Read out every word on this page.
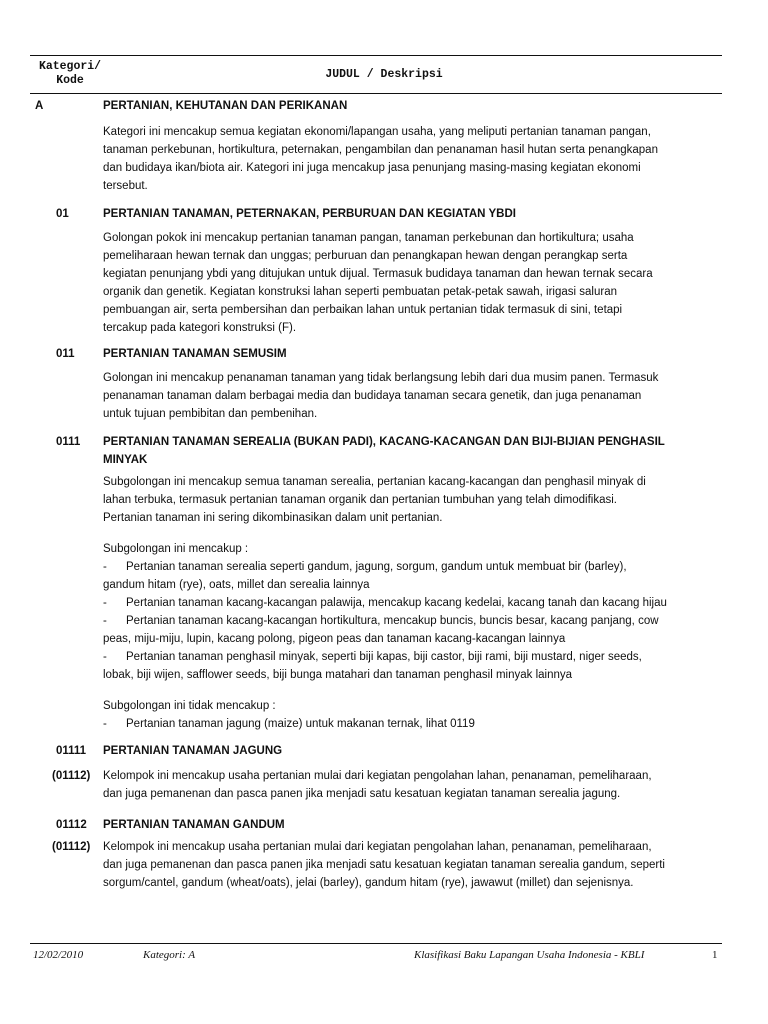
Kategori/
Kode	JUDUL / Deskripsi
A	PERTANIAN, KEHUTANAN DAN PERIKANAN
Kategori ini mencakup semua kegiatan ekonomi/lapangan usaha, yang meliputi pertanian tanaman pangan,
tanaman perkebunan, hortikultura, peternakan, pengambilan dan penanaman hasil hutan serta penangkapan
dan budidaya ikan/biota air. Kategori ini juga mencakup jasa penunjang masing-masing kegiatan ekonomi
tersebut.
01	PERTANIAN TANAMAN, PETERNAKAN, PERBURUAN DAN KEGIATAN YBDI
Golongan pokok ini mencakup pertanian tanaman pangan, tanaman perkebunan dan hortikultura; usaha
pemeliharaan hewan ternak dan unggas; perburuan dan penangkapan hewan dengan perangkap serta
kegiatan penunjang ybdi yang ditujukan untuk dijual. Termasuk budidaya tanaman dan hewan ternak secara
organik dan genetik. Kegiatan konstruksi lahan seperti pembuatan petak-petak sawah, irigasi saluran
pembuangan air, serta pembersihan dan perbaikan lahan untuk pertanian tidak termasuk di sini, tetapi
tercakup pada kategori konstruksi (F).
011 PERTANIAN TANAMAN SEMUSIM
Golongan ini mencakup penanaman tanaman yang tidak berlangsung lebih dari dua musim panen. Termasuk
penanaman tanaman dalam berbagai media dan budidaya tanaman secara genetik, dan juga penanaman
untuk tujuan pembibitan dan pembenihan.
0111 PERTANIAN TANAMAN SEREALIA (BUKAN PADI), KACANG-KACANGAN DAN BIJI-BIJIAN PENGHASIL
MINYAK
Subgolongan ini mencakup semua tanaman serealia, pertanian kacang-kacangan dan penghasil minyak di
lahan terbuka, termasuk pertanian tanaman organik dan pertanian tumbuhan yang telah dimodifikasi.
Pertanian tanaman ini sering dikombinasikan dalam unit pertanian.
Subgolongan ini mencakup :
-      Pertanian tanaman serealia seperti gandum, jagung, sorgum, gandum untuk membuat bir (barley),
gandum hitam (rye), oats, millet dan serealia lainnya
-      Pertanian tanaman kacang-kacangan palawija, mencakup kacang kedelai, kacang tanah dan kacang hijau
-      Pertanian tanaman kacang-kacangan hortikultura, mencakup buncis, buncis besar, kacang panjang, cow
peas, miju-miju, lupin, kacang polong, pigeon peas dan tanaman kacang-kacangan lainnya
-      Pertanian tanaman penghasil minyak, seperti biji kapas, biji castor, biji rami, biji mustard, niger seeds,
lobak, biji wijen, safflower seeds, biji bunga matahari dan tanaman penghasil minyak lainnya
Subgolongan ini tidak mencakup :
-      Pertanian tanaman jagung (maize) untuk makanan ternak, lihat 0119
01111 PERTANIAN TANAMAN JAGUNG
(01112) Kelompok ini mencakup usaha pertanian mulai dari kegiatan pengolahan lahan, penanaman, pemeliharaan,
dan juga pemanenan dan pasca panen jika menjadi satu kesatuan kegiatan tanaman serealia jagung.
01112 PERTANIAN TANAMAN GANDUM
(01112) Kelompok ini mencakup usaha pertanian mulai dari kegiatan pengolahan lahan, penanaman, pemeliharaan,
dan juga pemanenan dan pasca panen jika menjadi satu kesatuan kegiatan tanaman serealia gandum, seperti
sorgum/cantel, gandum (wheat/oats), jelai (barley), gandum hitam (rye), jawawut (millet) dan sejenisnya.
12/02/2010	Kategori: A	Klasifikasi Baku Lapangan Usaha Indonesia - KBLI	1
